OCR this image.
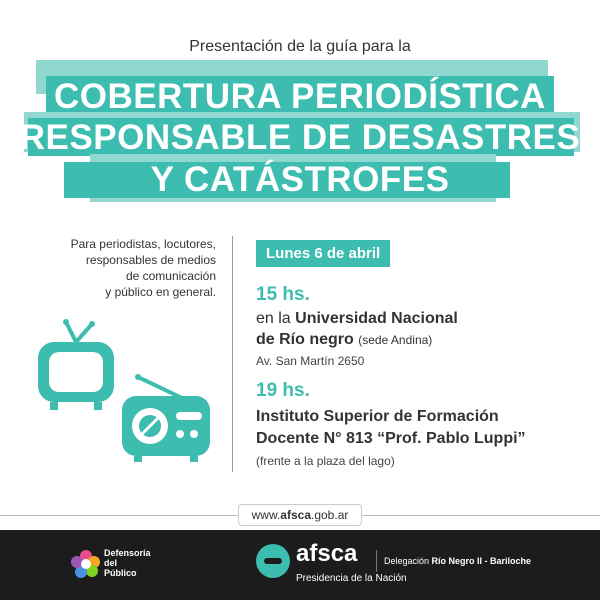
Presentación de la guía para la
COBERTURA PERIODÍSTICA
RESPONSABLE DE DESASTRES
Y CATÁSTROFES
Para periodistas, locutores,
responsables de medios
de comunicación
y público en general.
Lunes 6 de abril
15 hs.
en la Universidad Nacional
de Río negro (sede Andina)
Av. San Martín 2650
19 hs.
Instituto Superior de Formación
Docente N° 813 “Prof. Pablo Luppi”
(frente a la plaza del lago)
www.afsca.gob.ar
Defensoría
del
Público
afsca
Presidencia de la Nación
Delegación Río Negro II - Bariloche
